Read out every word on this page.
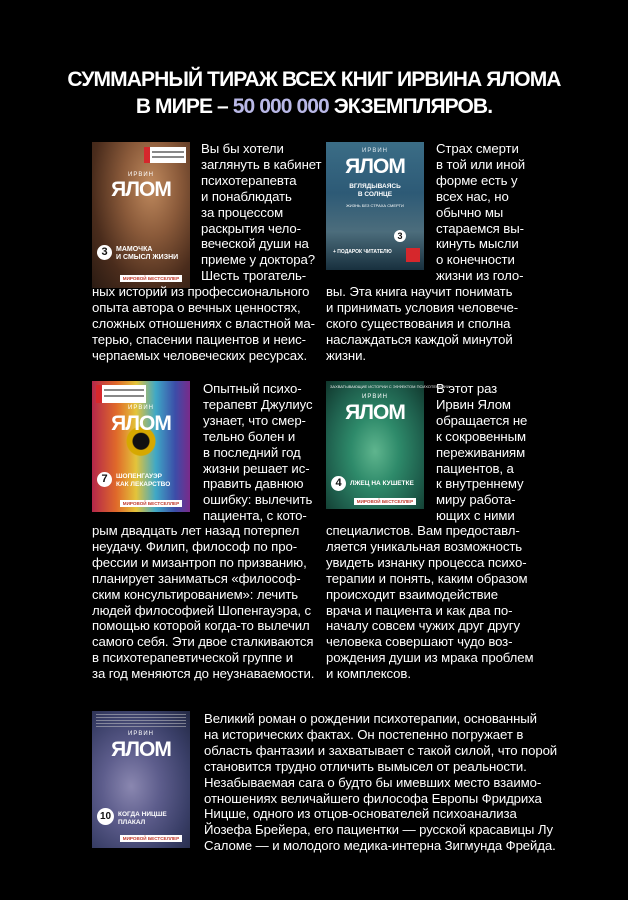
СУММАРНЫЙ ТИРАЖ ВСЕХ КНИГ ИРВИНА ЯЛОМА
В МИРЕ – 50 000 000 ЭКЗЕМПЛЯРОВ.
ИРВИН
ЯЛОМ
3	МАМОЧКА
И СМЫСЛ ЖИЗНИ
МИРОВОЙ БЕСТСЕЛЛЕР
Вы бы хотели
заглянуть в кабинет
психотерапевта
и понаблюдать
за процессом
раскрытия чело-
веческой души на
приеме у доктора?
Шесть трогатель-
ных историй из профессионального
опыта автора о вечных ценностях,
сложных отношениях с властной ма-
терью, спасении пациентов и неис-
черпаемых человеческих ресурсах.
ИРВИН
ЯЛОМ
ВГЛЯДЫВАЯСЬ
В СОЛНЦЕ
ЖИЗНЬ БЕЗ СТРАХА СМЕРТИ
3
+ ПОДАРОК ЧИТАТЕЛЮ
Страх смерти
в той или иной
форме есть у
всех нас, но
обычно мы
стараемся вы-
кинуть мысли
о конечности
жизни из голо-
вы. Эта книга научит понимать
и принимать условия человече-
ского существования и сполна
наслаждаться каждой минутой
жизни.
ИРВИН
ЯЛОМ
7	ШОПЕНГАУЭР
КАК ЛЕКАРСТВО
МИРОВОЙ БЕСТСЕЛЛЕР
Опытный психо-
терапевт Джулиус
узнает, что смер-
тельно болен и
в последний год
жизни решает ис-
править давнюю
ошибку: вылечить
пациента, с кото-
рым двадцать лет назад потерпел
неудачу. Филип, философ по про-
фессии и мизантроп по призванию,
планирует заниматься «философ-
ским консультированием»: лечить
людей философией Шопенгауэра, с
помощью которой когда-то вылечил
самого себя. Эти двое сталкиваются
в психотерапевтической группе и
за год меняются до неузнаваемости.
ЗАХВАТЫВАЮЩИЕ ИСТОРИИ С ЭФФЕКТОМ ПСИХОТЕРАПИИ
ИРВИН
ЯЛОМ
4	ЛЖЕЦ НА КУШЕТКЕ
МИРОВОЙ БЕСТСЕЛЛЕР
В этот раз
Ирвин Ялом
обращается не
к сокровенным
переживаниям
пациентов, а
к внутреннему
миру работа-
ющих с ними
специалистов. Вам предоставл-
ляется уникальная возможность
увидеть изнанку процесса психо-
терапии и понять, каким образом
происходит взаимодействие
врача и пациента и как два по-
началу совсем чужих друг другу
человека совершают чудо воз-
рождения души из мрака проблем
и комплексов.
ИРВИН
ЯЛОМ
10	КОГДА НИЦШЕ
ПЛАКАЛ
МИРОВОЙ БЕСТСЕЛЛЕР
Великий роман о рождении психотерапии, основанный
на исторических фактах. Он постепенно погружает в
область фантазии и захватывает с такой силой, что порой
становится трудно отличить вымысел от реальности.
Незабываемая сага о будто бы имевших место взаимо-
отношениях величайшего философа Европы Фридриха
Ницше, одного из отцов-основателей психоанализа
Йозефа Брейера, его пациентки — русской красавицы Лу
Саломе — и молодого медика-интерна Зигмунда Фрейда.
